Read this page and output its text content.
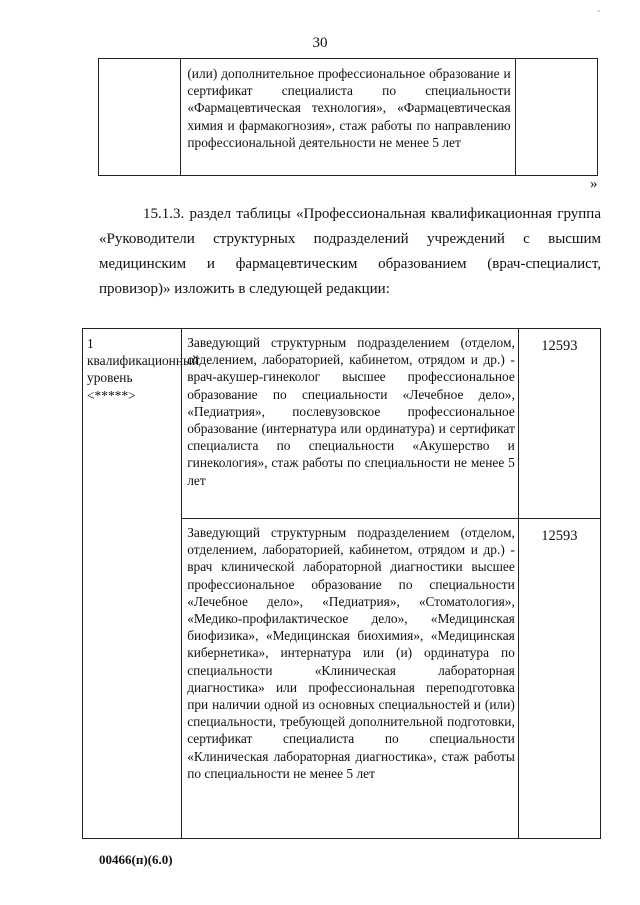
30
´

(или) дополнительное профессиональное образование и сертификат специалиста по специальности «Фармацевтическая технология», «Фармацевтическая химия и фармакогнозия», стаж работы по направлению профессиональной деятельности не менее 5 лет

»
15.1.3. раздел таблицы «Профессиональная квалификационная группа «Руководители структурных подразделений учреждений с высшим медицинским и фармацевтическим образованием (врач-специалист, провизор)» изложить в следующей редакции:
1 квалификационный уровень <*****>	Заведующий структурным подразделением (отделом, отделением, лабораторией, кабинетом, отрядом и др.) - врач-акушер-гинеколог высшее профессиональное образование по специальности «Лечебное дело», «Педиатрия», послевузовское профессиональное образование (интернатура или ординатура) и сертификат специалиста по специальности «Акушерство и гинекология», стаж работы по специальности не менее 5 лет	12593

	Заведующий структурным подразделением (отделом, отделением, лабораторией, кабинетом, отрядом и др.) - врач клинической лабораторной диагностики высшее профессиональное образование по специальности «Лечебное дело», «Педиатрия», «Стоматология», «Медико-профилактическое дело», «Медицинская биофизика», «Медицинская биохимия», «Медицинская кибернетика», интернатура или (и) ординатура по специальности «Клиническая лабораторная диагностика» или профессиональная переподготовка при наличии одной из основных специальностей и (или) специальности, требующей дополнительной подготовки, сертификат специалиста по специальности «Клиническая лабораторная диагностика», стаж работы по специальности не менее 5 лет	12593
00466(п)(6.0)
